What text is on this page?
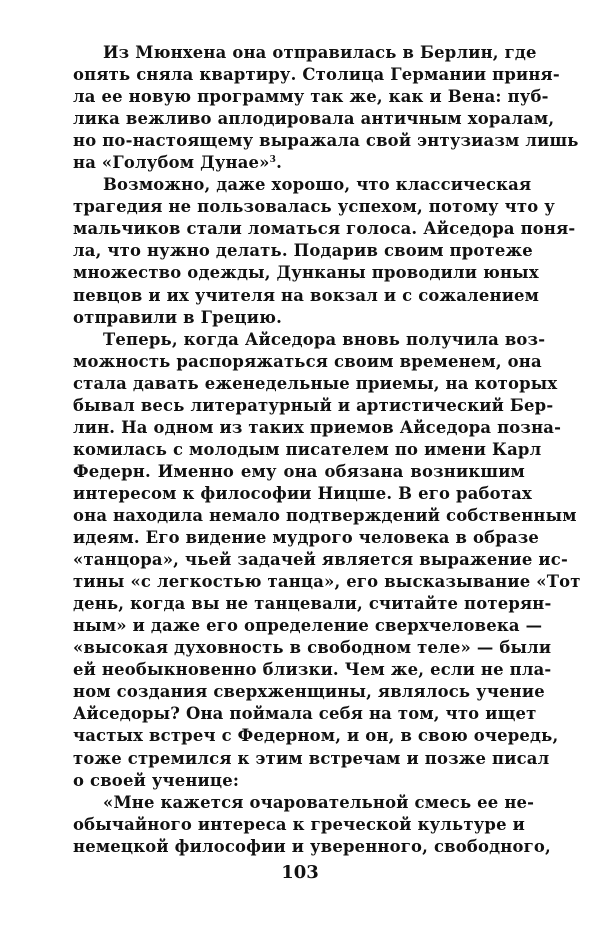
Из Мюнхена она отправилась в Берлин, где
опять сняла квартиру. Столица Германии приня-
ла ее новую программу так же, как и Вена: пуб-
лика вежливо аплодировала античным хоралам,
но по-настоящему выражала свой энтузиазм лишь
на «Голубом Дунае»$^3$.
Возможно, даже хорошо, что классическая
трагедия не пользовалась успехом, потому что у
мальчиков стали ломаться голоса. Айседора поня-
ла, что нужно делать. Подарив своим протеже
множество одежды, Дунканы проводили юных
певцов и их учителя на вокзал и с сожалением
отправили в Грецию.
Теперь, когда Айседора вновь получила воз-
можность распоряжаться своим временем, она
стала давать еженедельные приемы, на которых
бывал весь литературный и артистический Бер-
лин. На одном из таких приемов Айседора позна-
комилась с молодым писателем по имени Карл
Федерн. Именно ему она обязана возникшим
интересом к философии Ницше. В его работах
она находила немало подтверждений собственным
идеям. Его видение мудрого человека в образе
«танцора», чьей задачей является выражение ис-
тины «с легкостью танца», его высказывание «Тот
день, когда вы не танцевали, считайте потерян-
ным» и даже его определение сверхчеловека —
«высокая духовность в свободном теле» — были
ей необыкновенно близки. Чем же, если не пла-
ном создания сверхженщины, являлось учение
Айседоры? Она поймала себя на том, что ищет
частых встреч с Федерном, и он, в свою очередь,
тоже стремился к этим встречам и позже писал
о своей ученице:
«Мне кажется очаровательной смесь ее не-
обычайного интереса к греческой культуре и
немецкой философии и уверенного, свободного,
103
